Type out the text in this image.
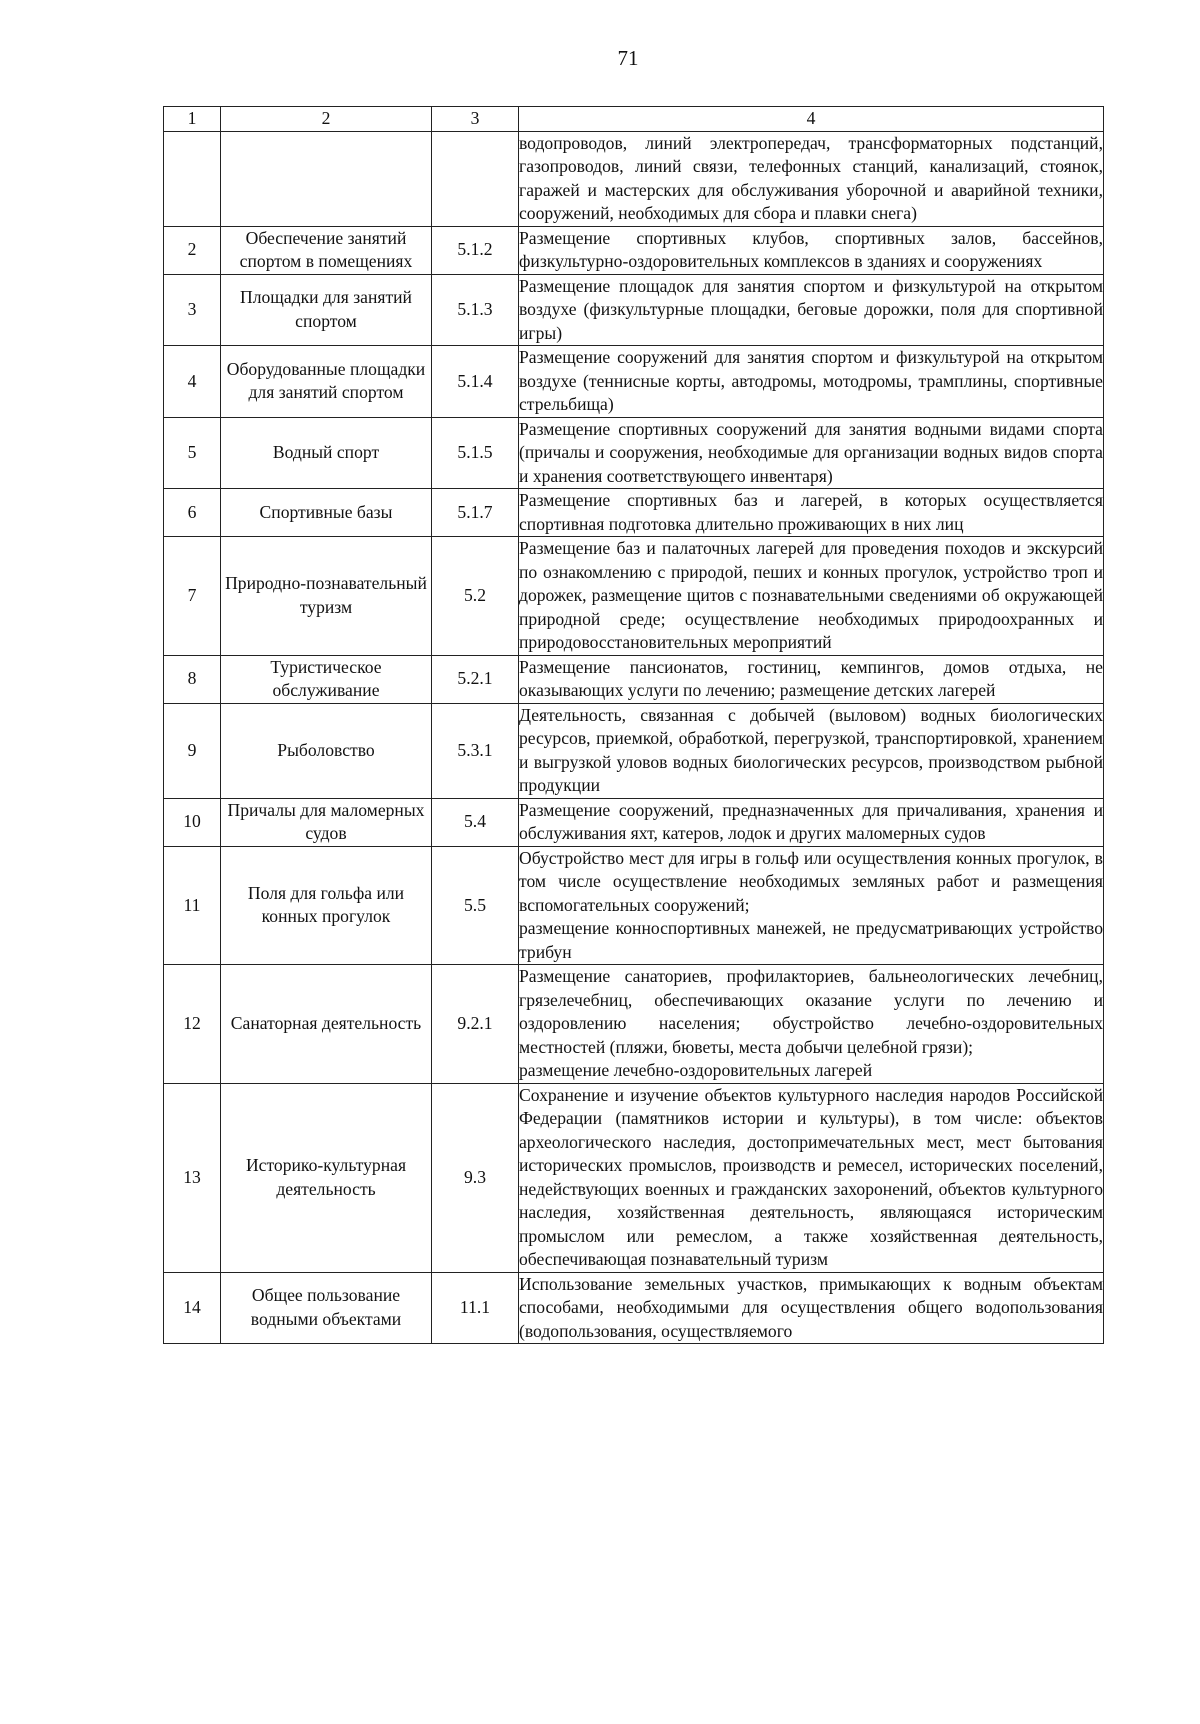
71
1	2	3	4

			водопроводов, линий электропередач, трансформаторных подстанций, газопроводов, линий связи, телефонных станций, канализаций, стоянок, гаражей и мастерских для обслуживания уборочной и аварийной техники, сооружений, необходимых для сбора и плавки снега)

2	Обеспечение занятий спортом в помещениях	5.1.2	Размещение спортивных клубов, спортивных залов, бассейнов, физкультурно-оздоровительных комплексов в зданиях и сооружениях

3	Площадки для занятий спортом	5.1.3	Размещение площадок для занятия спортом и физкультурой на открытом воздухе (физкультурные площадки, беговые дорожки, поля для спортивной игры)

4	Оборудованные площадки для занятий спортом	5.1.4	Размещение сооружений для занятия спортом и физкультурой на открытом воздухе (теннисные корты, автодромы, мотодромы, трамплины, спортивные стрельбища)

5	Водный спорт	5.1.5	Размещение спортивных сооружений для занятия водными видами спорта (причалы и сооружения, необходимые для организации водных видов спорта и хранения соответствующего инвентаря)

6	Спортивные базы	5.1.7	Размещение спортивных баз и лагерей, в которых осуществляется спортивная подготовка длительно проживающих в них лиц

7	Природно-познавательный туризм	5.2	Размещение баз и палаточных лагерей для проведения походов и экскурсий по ознакомлению с природой, пеших и конных прогулок, устройство троп и дорожек, размещение щитов с познавательными сведениями об окружающей природной среде; осуществление необходимых природоохранных и природовосстановительных мероприятий

8	Туристическое обслуживание	5.2.1	Размещение пансионатов, гостиниц, кемпингов, домов отдыха, не оказывающих услуги по лечению; размещение детских лагерей

9	Рыболовство	5.3.1	Деятельность, связанная с добычей (выловом) водных биологических ресурсов, приемкой, обработкой, перегрузкой, транспортировкой, хранением и выгрузкой уловов водных биологических ресурсов, производством рыбной продукции

10	Причалы для маломерных судов	5.4	Размещение сооружений, предназначенных для причаливания, хранения и обслуживания яхт, катеров, лодок и других маломерных судов

11	Поля для гольфа или конных прогулок	5.5	Обустройство мест для игры в гольф или осуществления конных прогулок, в том числе осуществление необходимых земляных работ и размещения вспомогательных сооружений;
размещение конноспортивных манежей, не предусматривающих устройство трибун

12	Санаторная деятельность	9.2.1	Размещение санаториев, профилакториев, бальнеологических лечебниц, грязелечебниц, обеспечивающих оказание услуги по лечению и оздоровлению населения; обустройство лечебно-оздоровительных местностей (пляжи, бюветы, места добычи целебной грязи);
размещение лечебно-оздоровительных лагерей

13	Историко-культурная деятельность	9.3	Сохранение и изучение объектов культурного наследия народов Российской Федерации (памятников истории и культуры), в том числе: объектов археологического наследия, достопримечательных мест, мест бытования исторических промыслов, производств и ремесел, исторических поселений, недействующих военных и гражданских захоронений, объектов культурного наследия, хозяйственная деятельность, являющаяся историческим промыслом или ремеслом, а также хозяйственная деятельность, обеспечивающая познавательный туризм

14	Общее пользование водными объектами	11.1	Использование земельных участков, примыкающих к водным объектам способами, необходимыми для осуществления общего водопользования (водопользования, осуществляемого
